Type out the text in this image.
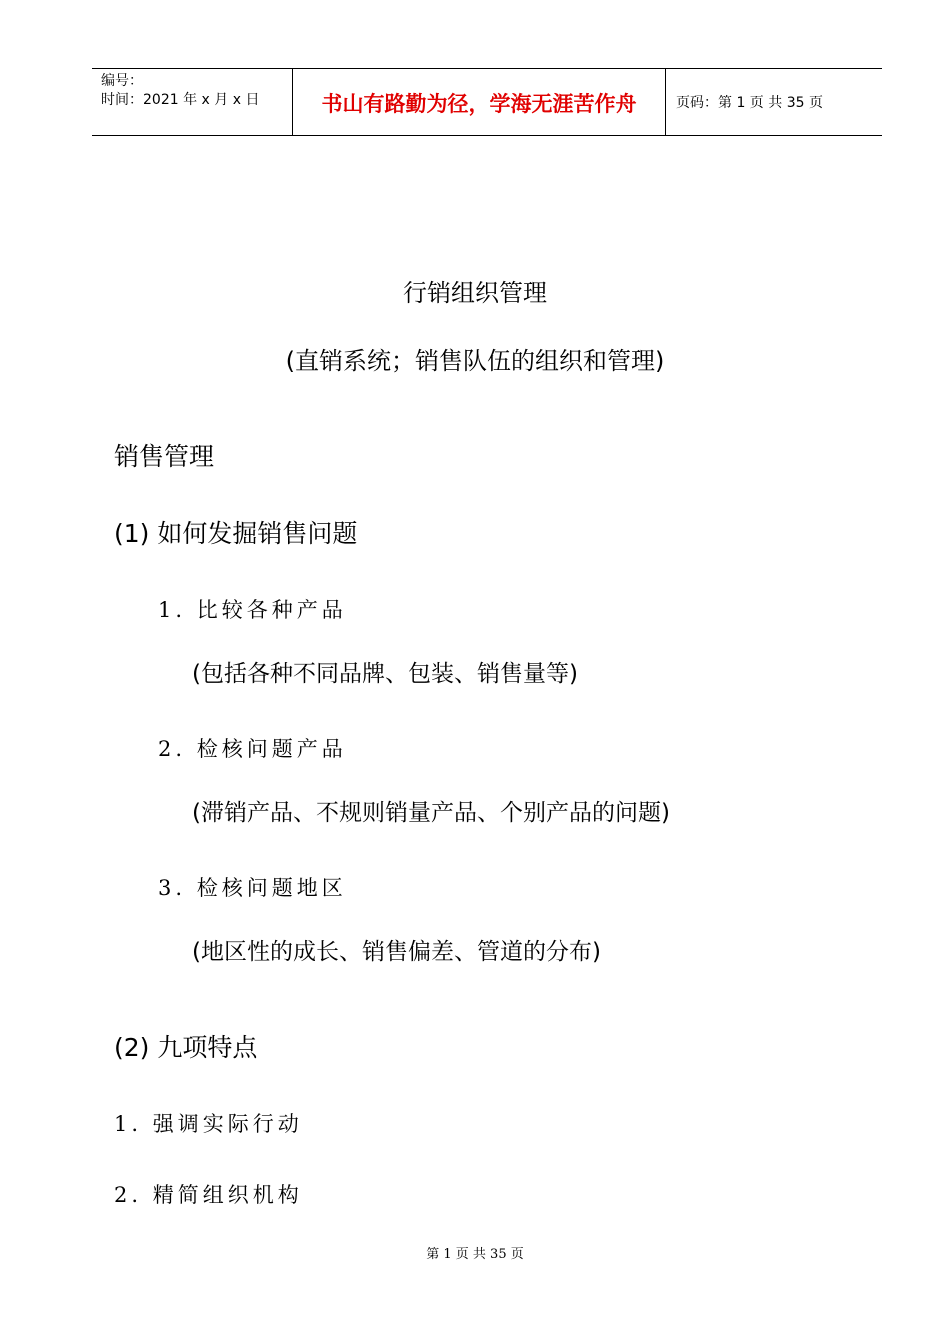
编号：
时间：2021 年 x 月 x 日	书山有路勤为径，学海无涯苦作舟	页码：第 1 页 共 35 页
行销组织管理
(直销系统；销售队伍的组织和管理)
销售管理
(1) 如何发掘销售问题
1. 比较各种产品
(包括各种不同品牌、包装、销售量等)
2. 检核问题产品
(滞销产品、不规则销量产品、个别产品的问题)
3. 检核问题地区
(地区性的成长、销售偏差、管道的分布)
(2) 九项特点
1. 强调实际行动
2. 精简组织机构
第 1 页 共 35 页
